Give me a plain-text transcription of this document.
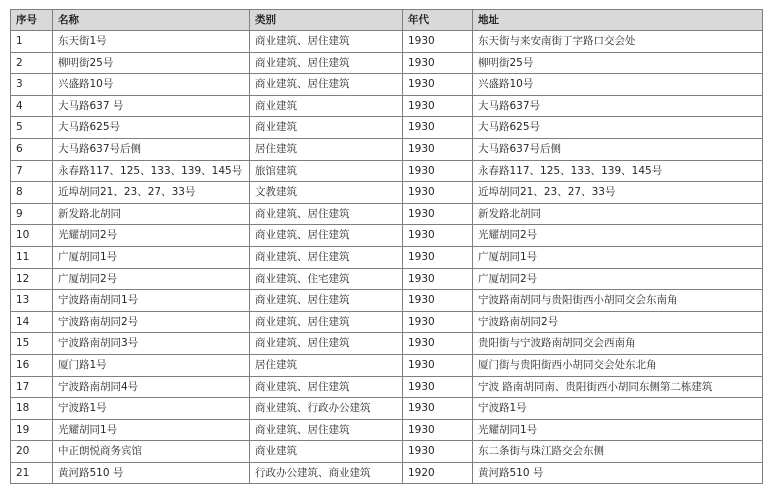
序号	名称	类别	年代	地址
1	东天街1号	商业建筑、居住建筑	1930	东天街与来安南街丁字路口交会处
2	柳明街25号	商业建筑、居住建筑	1930	柳明街25号
3	兴盛路10号	商业建筑、居住建筑	1930	兴盛路10号
4	大马路637 号	商业建筑	1930	大马路637号
5	大马路625号	商业建筑	1930	大马路625号
6	大马路637号后侧	居住建筑	1930	大马路637号后侧
7	永春路117、125、133、139、145号	旅馆建筑	1930	永春路117、125、133、139、145号
8	近埠胡同21、23、27、33号	文教建筑	1930	近埠胡同21、23、27、33号
9	新发路北胡同	商业建筑、居住建筑	1930	新发路北胡同
10	光耀胡同2号	商业建筑、居住建筑	1930	光耀胡同2号
11	广厦胡同1号	商业建筑、居住建筑	1930	广厦胡同1号
12	广厦胡同2号	商业建筑、住宅建筑	1930	广厦胡同2号
13	宁波路南胡同1号	商业建筑、居住建筑	1930	宁波路南胡同与贵阳街西小胡同交会东南角
14	宁波路南胡同2号	商业建筑、居住建筑	1930	宁波路南胡同2号
15	宁波路南胡同3号	商业建筑、居住建筑	1930	贵阳街与宁波路南胡同交会西南角
16	厦门路1号	居住建筑	1930	厦门街与贵阳街西小胡同交会处东北角
17	宁波路南胡同4号	商业建筑、居住建筑	1930	宁波 路南胡同南、贵阳街西小胡同东侧第二栋建筑
18	宁波路1号	商业建筑、行政办公建筑	1930	宁波路1号
19	光耀胡同1号	商业建筑、居住建筑	1930	光耀胡同1号
20	中正朗悦商务宾馆	商业建筑	1930	东二条街与珠江路交会东侧
21	黄河路510 号	行政办公建筑、商业建筑	1920	黄河路510 号
